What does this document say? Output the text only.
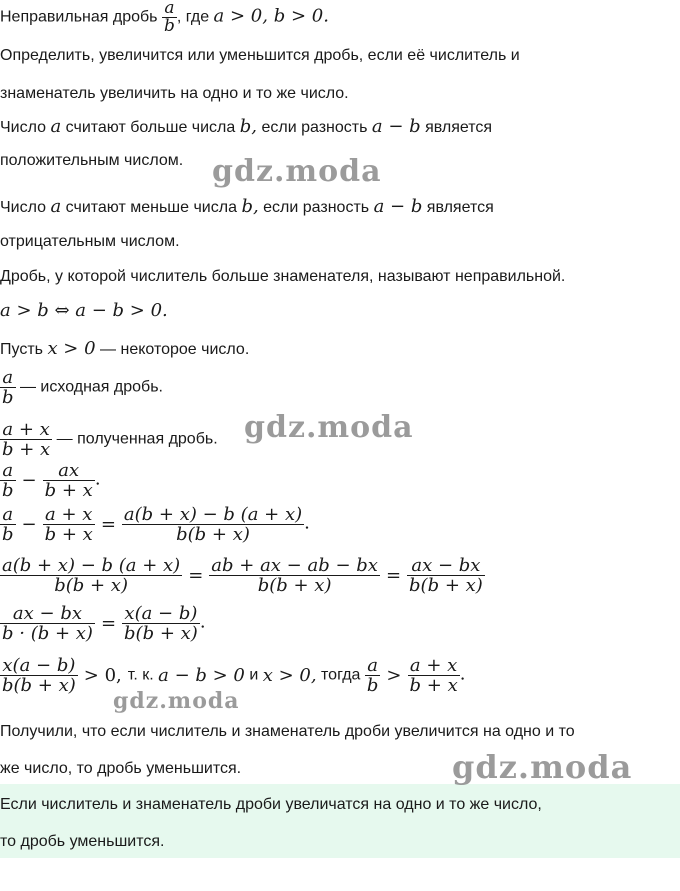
Неправильная дробь $\frac{a}{b}$ , где a > 0, b > 0.
Определить, увеличится или уменьшится дробь, если её числитель и
знаменатель увеличить на одно и то же число.
Число a считают больше числа b, если разность a − b является
положительным числом.
Число a считают меньше числа b, если разность a − b является
отрицательным числом.
Дробь, у которой числитель больше знаменателя, называют неправильной.
a > b ⇔ a − b > 0.
Пусть x > 0 — некоторое число.
$\frac{a}{b}$ — исходная дробь.
$\frac{a + x}{b + x}$ — полученная дробь.
$\frac{a}{b} - \frac{ax}{b + x}$ .
$\frac{a}{b} - \frac{a + x}{b + x} = \frac{a(b + x) - b (a + x)}{b(b + x)}$ .
$\frac{a(b + x) - b (a + x)}{b(b + x)} = \frac{ab + ax - ab - bx}{b(b + x)} = \frac{ax - bx}{b(b + x)}$
$\frac{ax - bx}{b \cdot (b + x)} = \frac{x(a - b)}{b(b + x)}$ .
$\frac{x(a - b)}{b(b + x)} > 0$, т. к. a − b > 0 и x > 0, тогда $\frac{a}{b} > \frac{a + x}{b + x}$ .
Получили, что если числитель и знаменатель дроби увеличится на одно и то
же число, то дробь уменьшится.
Если числитель и знаменатель дроби увеличатся на одно и то же число,
то дробь уменьшится.
gdz.moda
gdz.moda
gdz.moda
gdz.moda
